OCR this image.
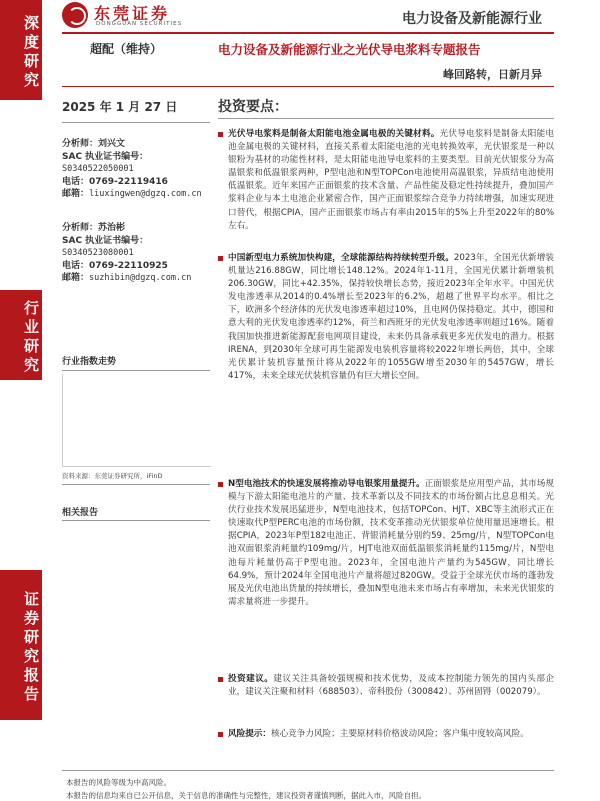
东莞证券
DONGGUAN SECURITIES	电力设备及新能源行业
深度研究
行业研究
证券研究报告
超配（维持）	电力设备及新能源行业之光伏导电浆料专题报告
峰回路转，日新月异
2025 年 1 月 27 日	投资要点：
分析师：刘兴文
SAC 执业证书编号：
S0340522050001
电话：0769-22119416
邮箱：liuxingwen@dgzq.com.cn
分析师：苏治彬
SAC 执业证书编号：
S0340523080001
电话：0769-22110925
邮箱：suzhibin@dgzq.com.cn
行业指数走势
资料来源：东莞证券研究所，iFinD
相关报告
光伏导电浆料是制备太阳能电池金属电极的关键材料。光伏导电浆料是制备太阳能电池金属电极的关键材料，直接关系着太阳能电池的光电转换效率，光伏银浆是一种以银粉为基材的功能性材料，是太阳能电池导电浆料的主要类型。目前光伏银浆分为高温银浆和低温银浆两种，P型电池和N型TOPCon电池使用高温银浆，异质结电池使用低温银浆。近年来国产正面银浆的技术含量、产品性能及稳定性持续提升，叠加国产浆料企业与本土电池企业紧密合作，国产正面银浆综合竞争力持续增强，加速实现进口替代，根据CPIA，国产正面银浆市场占有率由2015年的5%上升至2022年的80%左右。
中国新型电力系统加快构建，全球能源结构持续转型升级。2023年，全国光伏新增装机量达216.88GW，同比增长148.12%。2024年1-11月，全国光伏累计新增装机206.30GW，同比+42.35%，保持较快增长态势，接近2023年全年水平。中国光伏发电渗透率从2014的0.4%增长至2023年的6.2%，超越了世界平均水平。相比之下，欧洲多个经济体的光伏发电渗透率超过10%，且电网仍保持稳定。其中，德国和意大利的光伏发电渗透率约12%，荷兰和西班牙的光伏发电渗透率则超过16%。随着我国加快推进新能源配套电网项目建设，未来仍具备承载更多光伏发电的潜力。根据IRENA，到2030年全球可再生能源发电装机容量将较2022年增长两倍，其中，全球光伏累计装机容量预计将从2022年的1055GW增至2030年的5457GW，增长417%，未来全球光伏装机容量仍有巨大增长空间。
N型电池技术的快速发展将推动导电银浆用量提升。正面银浆是应用型产品，其市场规模与下游太阳能电池片的产量、技术革新以及不同技术的市场份额占比息息相关。光伏行业技术发展迅猛进步，N型电池技术，包括TOPCon、HJT、XBC等主流形式正在快速取代P型PERC电池的市场份额，技术变革推动光伏银浆单位使用量迅速增长。根据CPIA，2023年P型182电池正、背银消耗量分别约59、25mg/片，N型TOPCon电池双面银浆消耗量约109mg/片，HJT电池双面低温银浆消耗量约115mg/片，N型电池每片耗量仍高于P型电池。2023年，全国电池片产量约为545GW，同比增长64.9%，预计2024年全国电池片产量将超过820GW。受益于全球光伏市场的蓬勃发展及光伏电池出货量的持续增长，叠加N型电池未来市场占有率增加，未来光伏银浆的需求量将进一步提升。
投资建议。建议关注具备较强规模和技术优势，及成本控制能力领先的国内头部企业，建议关注聚和材料（688503）、帝科股份（300842）、苏州固锝（002079）。
风险提示：核心竞争力风险；主要原材料价格波动风险；客户集中度较高风险。
本报告的风险等级为中高风险。
本报告的信息均来自已公开信息，关于信息的准确性与完整性，建议投资者谨慎判断，据此入市，风险自担。
